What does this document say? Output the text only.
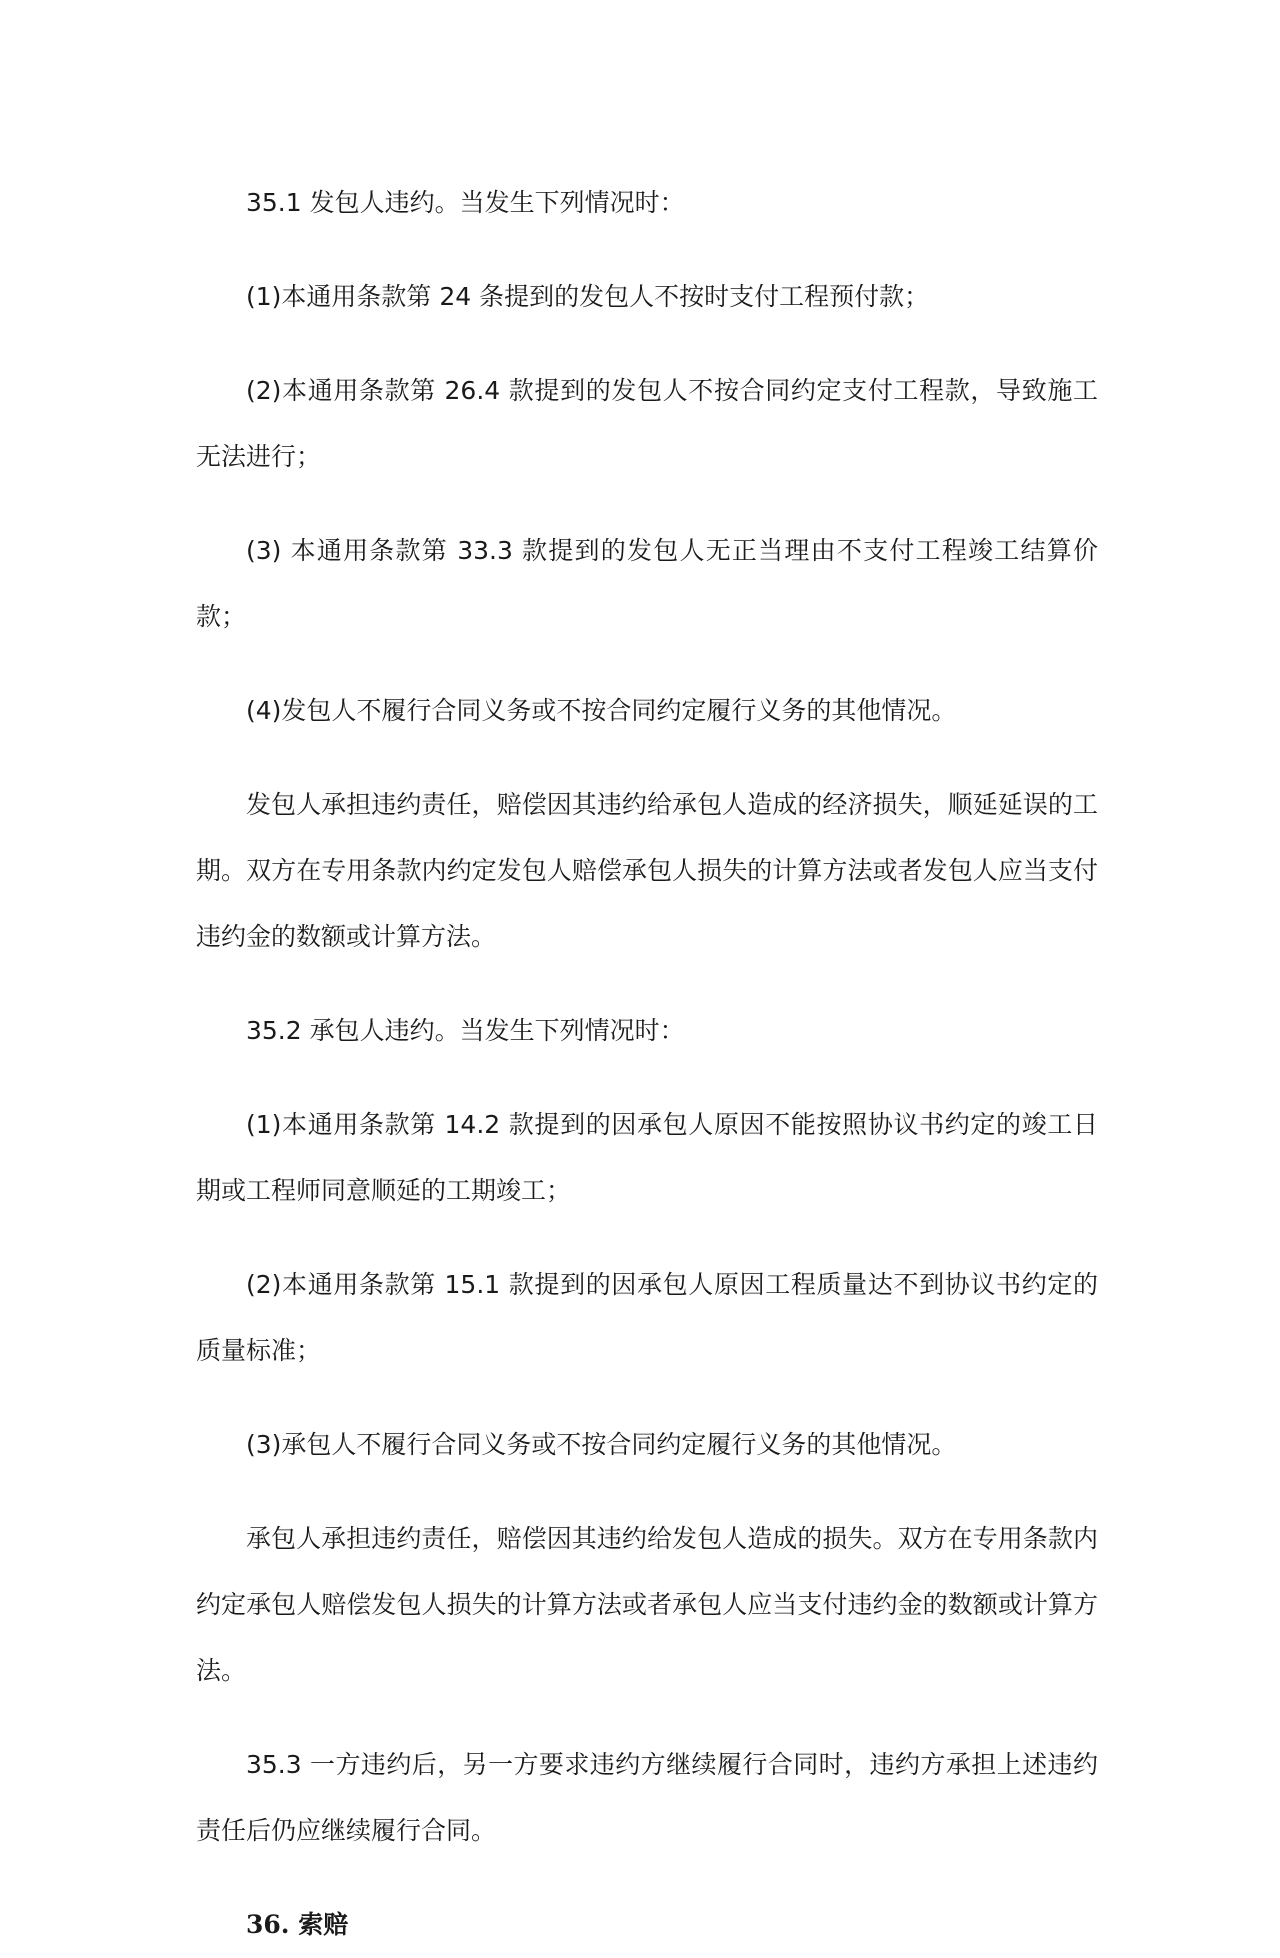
35.1 发包人违约。当发生下列情况时：

(1)本通用条款第 24 条提到的发包人不按时支付工程预付款；

(2)本通用条款第 26.4 款提到的发包人不按合同约定支付工程款，导致施工无法进行；

(3) 本通用条款第 33.3 款提到的发包人无正当理由不支付工程竣工结算价款；

(4)发包人不履行合同义务或不按合同约定履行义务的其他情况。

发包人承担违约责任，赔偿因其违约给承包人造成的经济损失，顺延延误的工期。双方在专用条款内约定发包人赔偿承包人损失的计算方法或者发包人应当支付违约金的数额或计算方法。

35.2 承包人违约。当发生下列情况时：

(1)本通用条款第 14.2 款提到的因承包人原因不能按照协议书约定的竣工日期或工程师同意顺延的工期竣工；

(2)本通用条款第 15.1 款提到的因承包人原因工程质量达不到协议书约定的质量标准；

(3)承包人不履行合同义务或不按合同约定履行义务的其他情况。

承包人承担违约责任，赔偿因其违约给发包人造成的损失。双方在专用条款内约定承包人赔偿发包人损失的计算方法或者承包人应当支付违约金的数额或计算方法。

35.3 一方违约后，另一方要求违约方继续履行合同时，违约方承担上述违约责任后仍应继续履行合同。

36. 索赔
